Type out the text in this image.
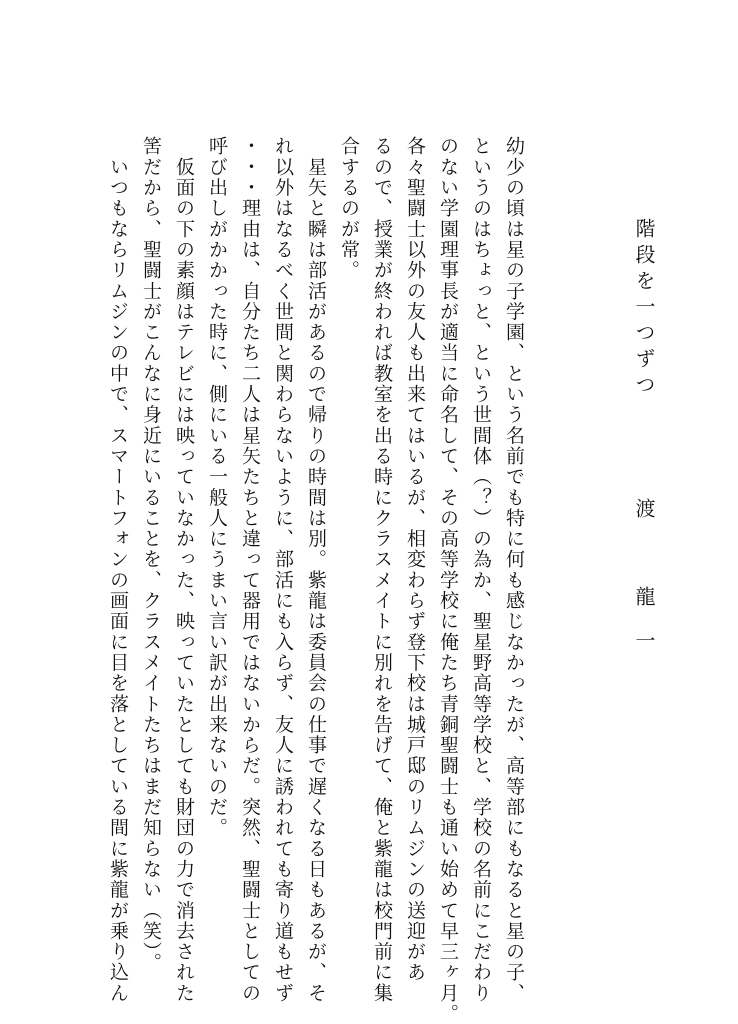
階段を一つずつ
渡　龍一
幼少の頃は星の子学園、という名前でも特に何も感じなかったが、高等部にもなると星の子、
というのはちょっと、という世間体（？）の為か、聖星野高等学校と、学校の名前にこだわり
のない学園理事長が適当に命名して、その高等学校に俺たち青銅聖闘士も通い始めて早三ヶ月。
各々聖闘士以外の友人も出来てはいるが、相変わらず登下校は城戸邸のリムジンの送迎があ
るので、授業が終われば教室を出る時にクラスメイトに別れを告げて、俺と紫龍は校門前に集
合するのが常。
　星矢と瞬は部活があるので帰りの時間は別。紫龍は委員会の仕事で遅くなる日もあるが、そ
れ以外はなるべく世間と関わらないように、部活にも入らず、友人に誘われても寄り道もせず
・・・理由は、自分たち二人は星矢たちと違って器用ではないからだ。突然、聖闘士としての
呼び出しがかかった時に、側にいる一般人にうまい言い訳が出来ないのだ。
　仮面の下の素顔はテレビには映っていなかった、映っていたとしても財団の力で消去された
筈だから、聖闘士がこんなに身近にいることを、クラスメイトたちはまだ知らない（笑）。
　いつもならリムジンの中で、スマートフォンの画面に目を落としている間に紫龍が乗り込ん
